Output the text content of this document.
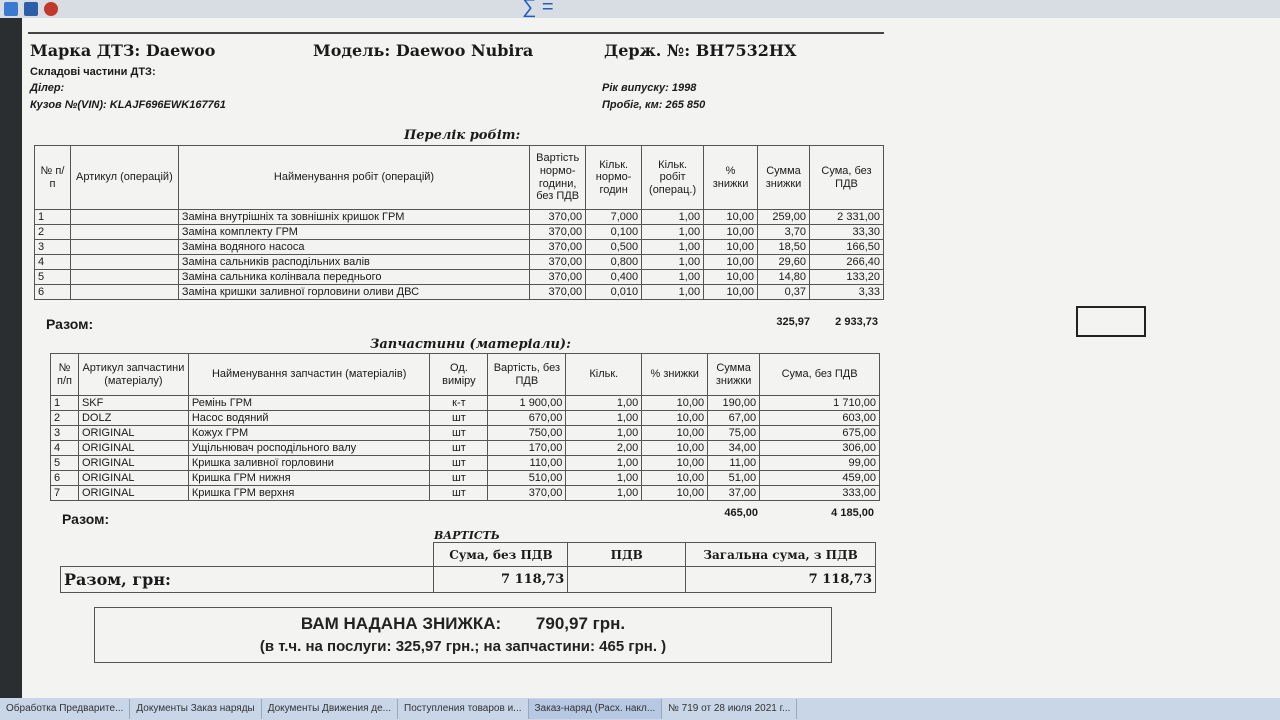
∑ =
Марка ДТЗ: Daewoo	Модель: Daewoo Nubira	Держ. №: ВН7532НХ
Складові частини ДТЗ:
Ділер:
Кузов №(VIN): KLAJF696EWK167761
Рік випуску: 1998
Пробіг, км: 265 850
Перелік робіт:
№ п/п	Артикул (операцій)	Найменування робіт (операцій)	Вартість нормо-години, без ПДВ	Кільк. нормо-годин	Кільк. робіт (операц.)	% знижки	Сумма знижки	Сума, без ПДВ
1		Заміна внутрішніх та зовнішніх кришок ГРМ	370,00	7,000	1,00	10,00	259,00	2 331,00
2		Заміна комплекту ГРМ	370,00	0,100	1,00	10,00	3,70	33,30
3		Заміна водяного насоса	370,00	0,500	1,00	10,00	18,50	166,50
4		Заміна сальників расподільних валів	370,00	0,800	1,00	10,00	29,60	266,40
5		Заміна сальника колінвала переднього	370,00	0,400	1,00	10,00	14,80	133,20
6		Заміна кришки заливної горловини оливи ДВС	370,00	0,010	1,00	10,00	0,37	3,33
Разом:	325,97	2 933,73
Запчастини (матеріали):
№ п/п	Артикул запчастини (матеріалу)	Найменування запчастин (матеріалів)	Од. виміру	Вартість, без ПДВ	Кільк.	% знижки	Сумма знижки	Сума, без ПДВ
1	SKF	Ремінь ГРМ	к-т	1 900,00	1,00	10,00	190,00	1 710,00
2	DOLZ	Насос водяний	шт	670,00	1,00	10,00	67,00	603,00
3	ORIGINAL	Кожух ГРМ	шт	750,00	1,00	10,00	75,00	675,00
4	ORIGINAL	Ущільнювач росподільного валу	шт	170,00	2,00	10,00	34,00	306,00
5	ORIGINAL	Кришка заливної горловини	шт	110,00	1,00	10,00	11,00	99,00
6	ORIGINAL	Кришка ГРМ нижня	шт	510,00	1,00	10,00	51,00	459,00
7	ORIGINAL	Кришка ГРМ верхня	шт	370,00	1,00	10,00	37,00	333,00
Разом:	465,00	4 185,00
ВАРТІСТЬ
	Сума, без ПДВ	ПДВ	Загальна сума, з ПДВ
Разом, грн:	7 118,73		7 118,73
ВАМ НАДАНА ЗНИЖКА: 790,97 грн.
(в т.ч. на послуги: 325,97 грн.; на запчастини: 465 грн. )
Обработка Предварите...	Документы Заказ наряды	Документы Движения де...	Поступления товаров и...	Заказ-наряд (Расх. накл...	№ 719 от 28 июля 2021 г...
